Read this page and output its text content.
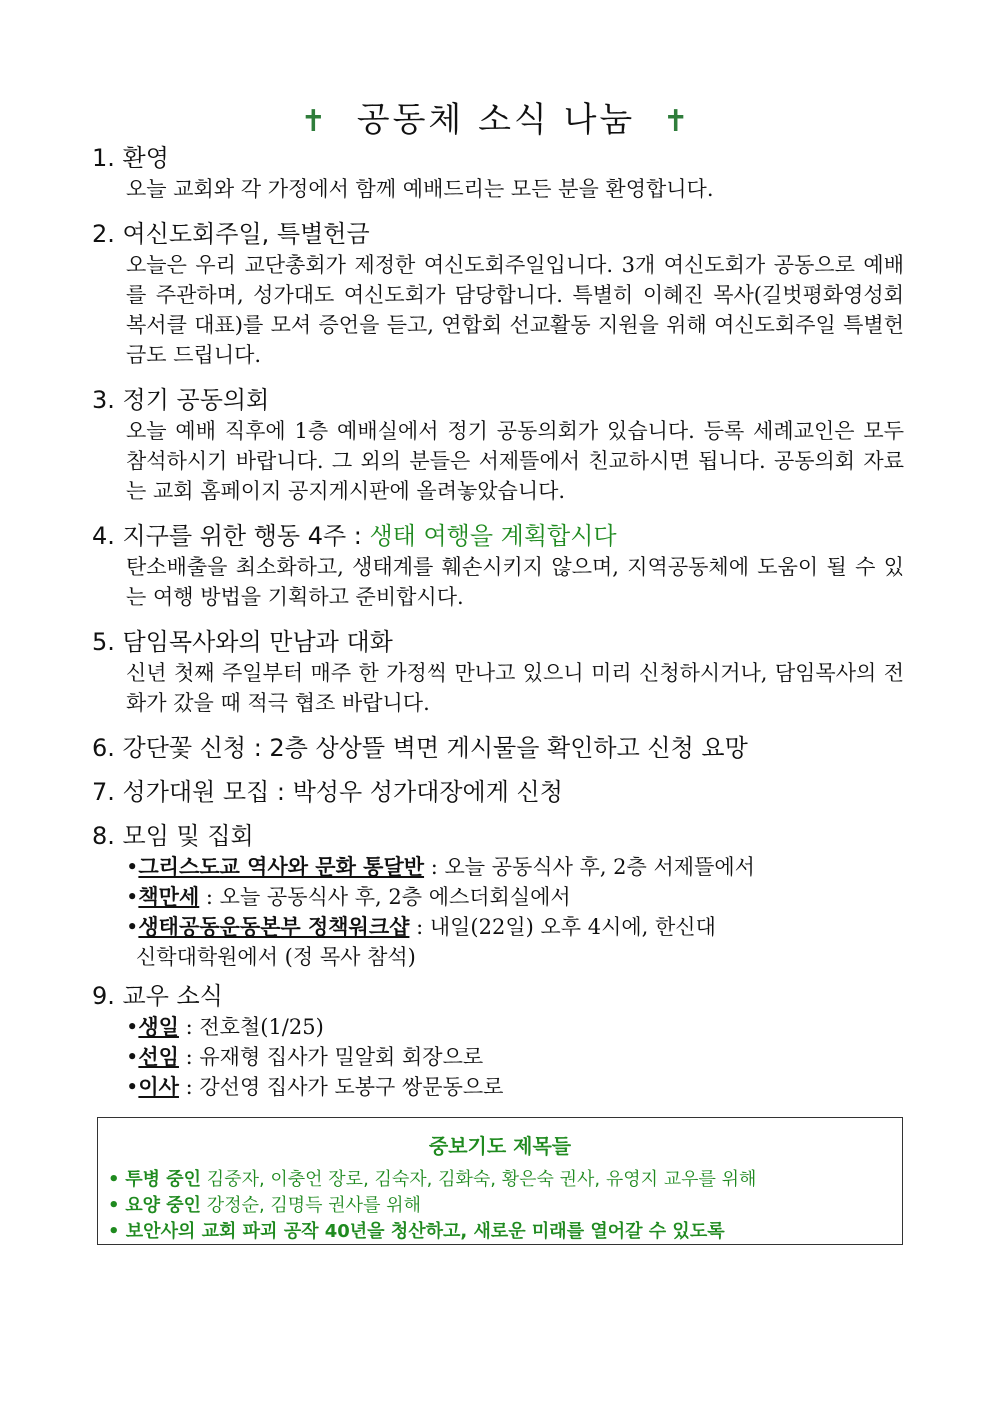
✝ 공동체 소식 나눔 ✝
1. 환영
오늘 교회와 각 가정에서 함께 예배드리는 모든 분을 환영합니다.
2. 여신도회주일, 특별헌금
오늘은 우리 교단총회가 제정한 여신도회주일입니다. 3개 여신도회가 공동으로 예배를 주관하며, 성가대도 여신도회가 담당합니다. 특별히 이혜진 목사(길벗평화영성회복서클 대표)를 모셔 증언을 듣고, 연합회 선교활동 지원을 위해 여신도회주일 특별헌금도 드립니다.
3. 정기 공동의회
오늘 예배 직후에 1층 예배실에서 정기 공동의회가 있습니다. 등록 세례교인은 모두 참석하시기 바랍니다. 그 외의 분들은 서제뜰에서 친교하시면 됩니다. 공동의회 자료는 교회 홈페이지 공지게시판에 올려놓았습니다.
4. 지구를 위한 행동 4주 : 생태 여행을 계획합시다
탄소배출을 최소화하고, 생태계를 훼손시키지 않으며, 지역공동체에 도움이 될 수 있는 여행 방법을 기획하고 준비합시다.
5. 담임목사와의 만남과 대화
신년 첫째 주일부터 매주 한 가정씩 만나고 있으니 미리 신청하시거나, 담임목사의 전화가 갔을 때 적극 협조 바랍니다.
6. 강단꽃 신청 : 2층 상상뜰 벽면 게시물을 확인하고 신청 요망
7. 성가대원 모집 : 박성우 성가대장에게 신청
8. 모임 및 집회
•그리스도교 역사와 문화 통달반 : 오늘 공동식사 후, 2층 서제뜰에서
•책만세 : 오늘 공동식사 후, 2층 에스더회실에서
•생태공동운동본부 정책워크샵 : 내일(22일) 오후 4시에, 한신대
신학대학원에서 (정 목사 참석)
9. 교우 소식
•생일 : 전호철(1/25)
•선임 : 유재형 집사가 밀알회 회장으로
•이사 : 강선영 집사가 도봉구 쌍문동으로
중보기도 제목들
• 투병 중인 김중자, 이충언 장로, 김숙자, 김화숙, 황은숙 권사, 유영지 교우를 위해
• 요양 중인 강정순, 김명득 권사를 위해
• 보안사의 교회 파괴 공작 40년을 청산하고, 새로운 미래를 열어갈 수 있도록
